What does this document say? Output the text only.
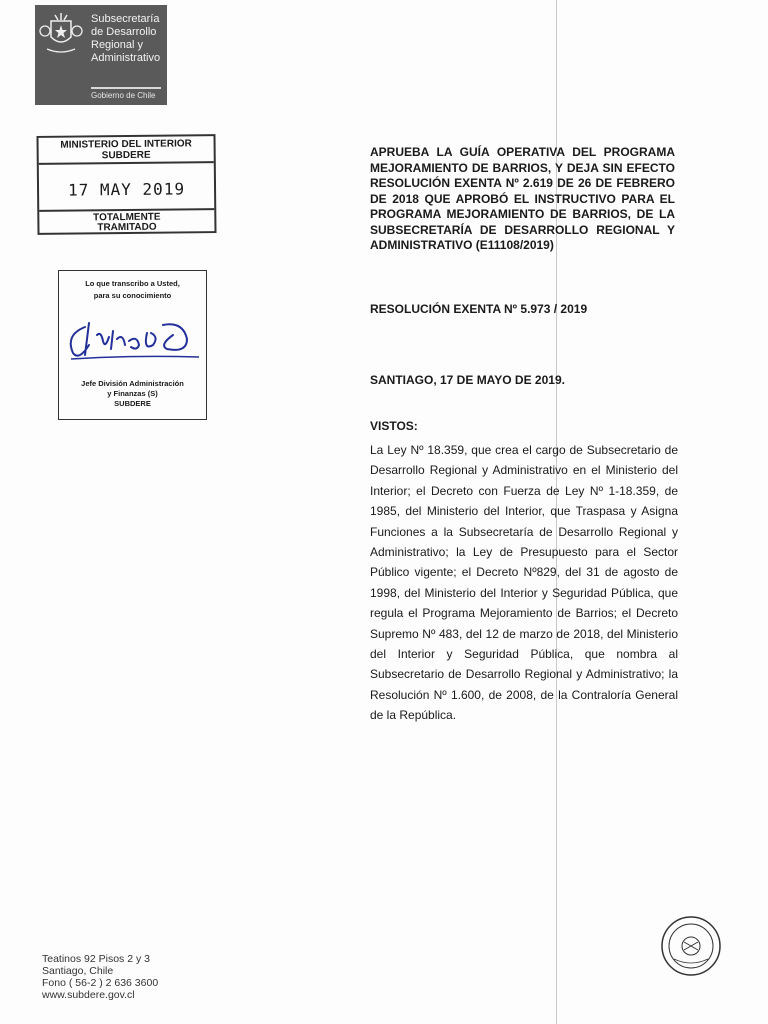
Subsecretaría
de Desarrollo
Regional y
Administrativo
Gobierno de Chile
MINISTERIO DEL INTERIOR
SUBDERE
17 MAY 2019
TOTALMENTE
TRAMITADO
Lo que transcribo a Usted,
para su conocimiento
Jefe División Administración
y Finanzas (S)
SUBDERE
APRUEBA LA GUÍA OPERATIVA DEL PROGRAMA MEJORAMIENTO DE BARRIOS, Y DEJA SIN EFECTO RESOLUCIÓN EXENTA Nº 2.619 DE 26 DE FEBRERO DE 2018 QUE APROBÓ EL INSTRUCTIVO PARA EL PROGRAMA MEJORAMIENTO DE BARRIOS, DE LA SUBSECRETARÍA DE DESARROLLO REGIONAL Y ADMINISTRATIVO (E11108/2019)
RESOLUCIÓN EXENTA Nº 5.973 / 2019
SANTIAGO, 17 DE MAYO DE 2019.
VISTOS:
La Ley Nº 18.359, que crea el cargo de Subsecretario de Desarrollo Regional y Administrativo en el Ministerio del Interior; el Decreto con Fuerza de Ley Nº 1-18.359, de 1985, del Ministerio del Interior, que Traspasa y Asigna Funciones a la Subsecretaría de Desarrollo Regional y Administrativo; la Ley de Presupuesto para el Sector Público vigente; el Decreto Nº829, del 31 de agosto de 1998, del Ministerio del Interior y Seguridad Pública, que regula el Programa Mejoramiento de Barrios; el Decreto Supremo Nº 483, del 12 de marzo de 2018, del Ministerio del Interior y Seguridad Pública, que nombra al Subsecretario de Desarrollo Regional y Administrativo; la Resolución Nº 1.600, de 2008, de la Contraloría General de la República.
Teatinos 92 Pisos 2 y 3
Santiago, Chile
Fono ( 56-2 ) 2 636 3600
www.subdere.gov.cl
